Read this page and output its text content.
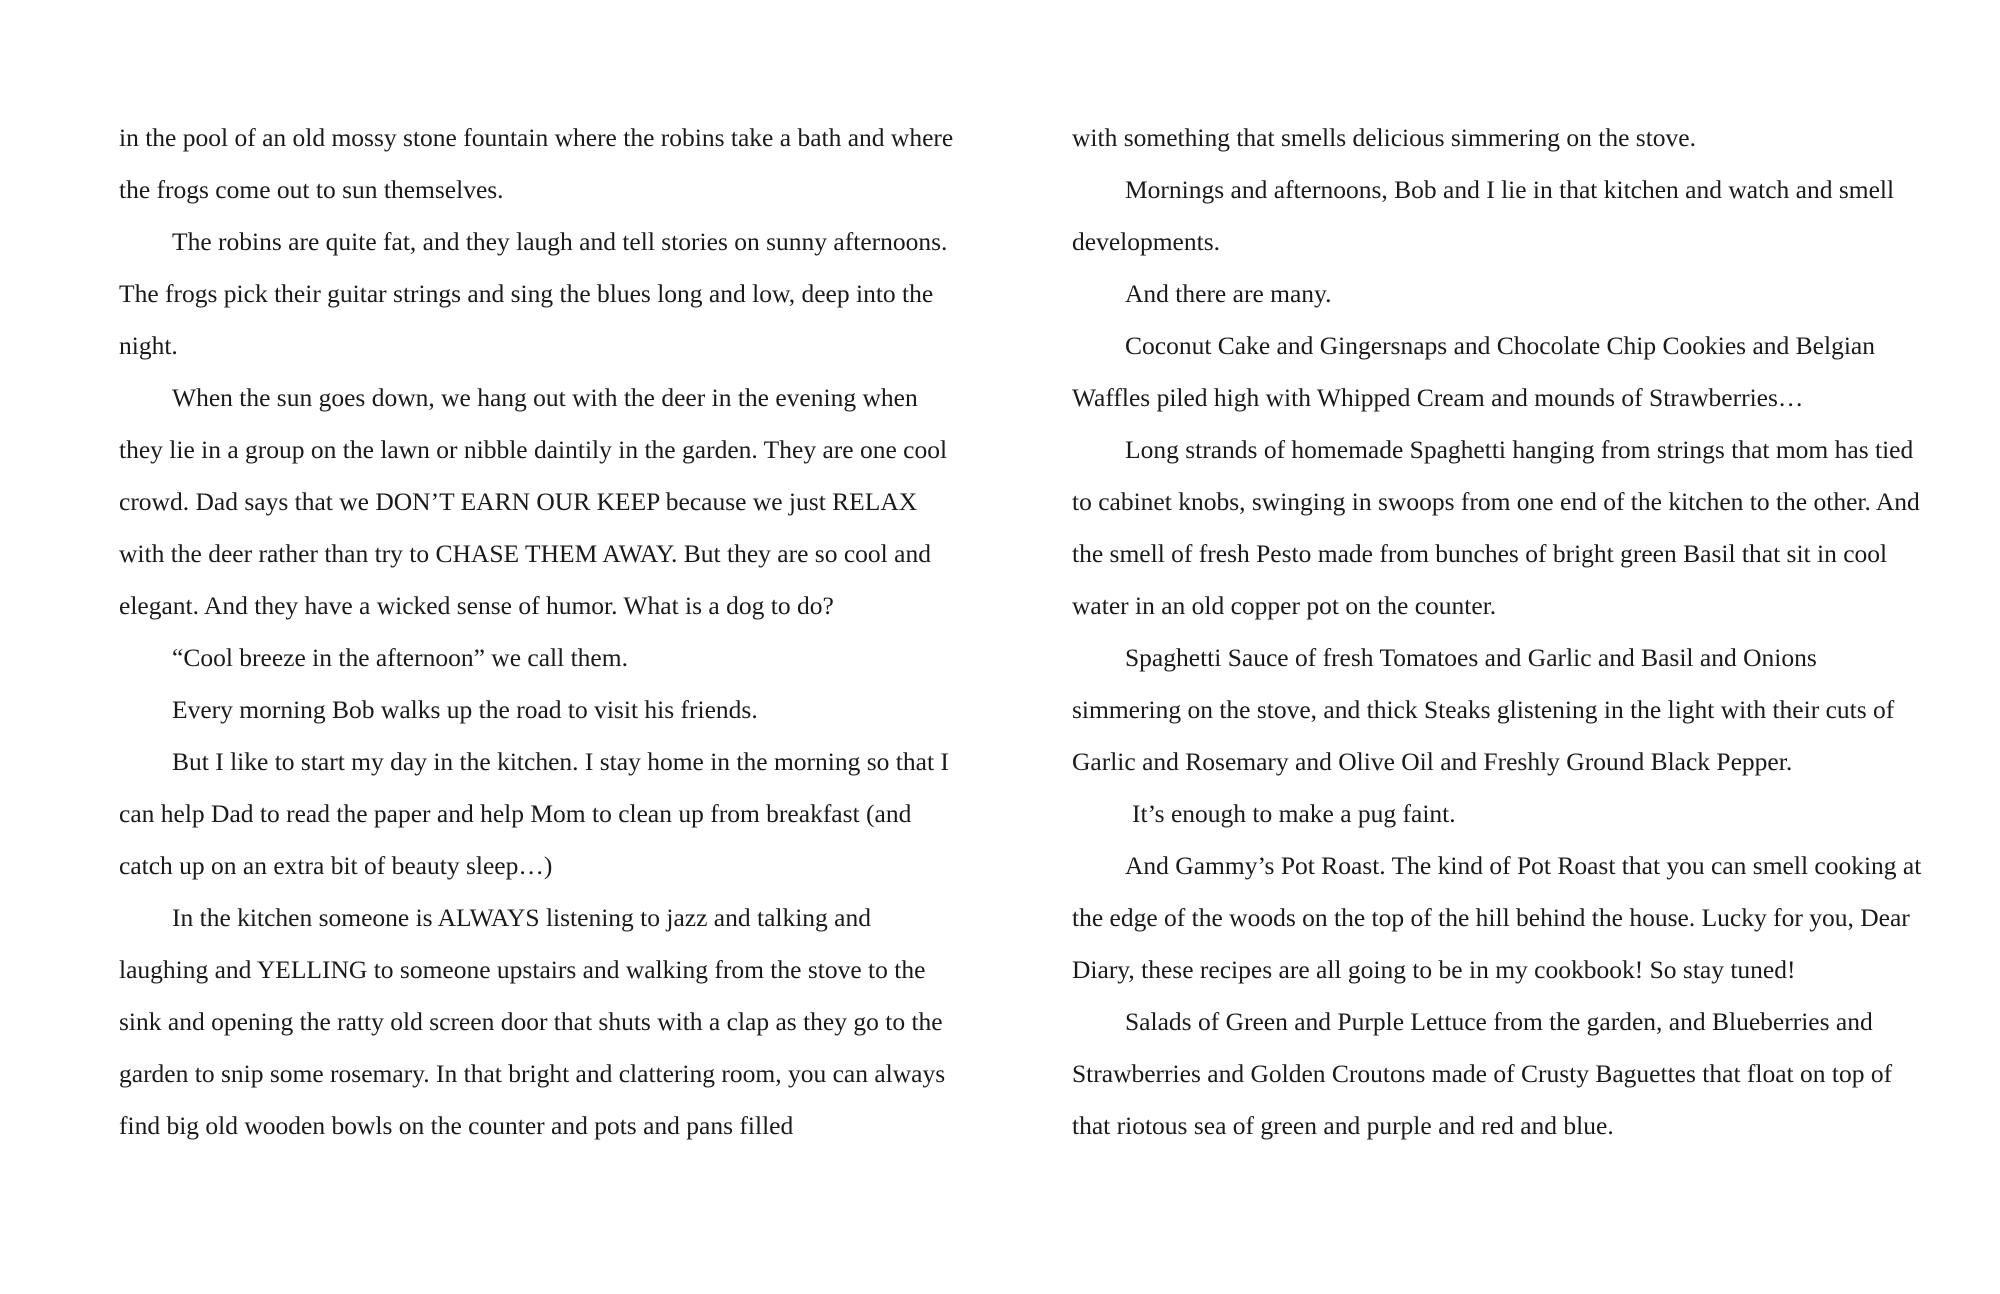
in the pool of an old mossy stone fountain where the robins take a bath and where the frogs come out to sun themselves.

The robins are quite fat, and they laugh and tell stories on sunny afternoons. The frogs pick their guitar strings and sing the blues long and low, deep into the night.

When the sun goes down, we hang out with the deer in the evening when they lie in a group on the lawn or nibble daintily in the garden. They are one cool crowd. Dad says that we DON’T EARN OUR KEEP because we just RELAX with the deer rather than try to CHASE THEM AWAY. But they are so cool and elegant. And they have a wicked sense of humor. What is a dog to do?

“Cool breeze in the afternoon” we call them.

Every morning Bob walks up the road to visit his friends.

But I like to start my day in the kitchen. I stay home in the morning so that I can help Dad to read the paper and help Mom to clean up from breakfast (and catch up on an extra bit of beauty sleep…)

In the kitchen someone is ALWAYS listening to jazz and talking and laughing and YELLING to someone upstairs and walking from the stove to the sink and opening the ratty old screen door that shuts with a clap as they go to the garden to snip some rosemary. In that bright and clattering room, you can always find big old wooden bowls on the counter and pots and pans filled

with something that smells delicious simmering on the stove.

Mornings and afternoons, Bob and I lie in that kitchen and watch and smell developments.

And there are many.

Coconut Cake and Gingersnaps and Chocolate Chip Cookies and Belgian Waffles piled high with Whipped Cream and mounds of Strawberries…

Long strands of homemade Spaghetti hanging from strings that mom has tied to cabinet knobs, swinging in swoops from one end of the kitchen to the other. And the smell of fresh Pesto made from bunches of bright green Basil that sit in cool water in an old copper pot on the counter.

Spaghetti Sauce of fresh Tomatoes and Garlic and Basil and Onions simmering on the stove, and thick Steaks glistening in the light with their cuts of Garlic and Rosemary and Olive Oil and Freshly Ground Black Pepper.

It’s enough to make a pug faint.

And Gammy’s Pot Roast. The kind of Pot Roast that you can smell cooking at the edge of the woods on the top of the hill behind the house. Lucky for you, Dear Diary, these recipes are all going to be in my cookbook! So stay tuned!

Salads of Green and Purple Lettuce from the garden, and Blueberries and Strawberries and Golden Croutons made of Crusty Baguettes that float on top of that riotous sea of green and purple and red and blue.
